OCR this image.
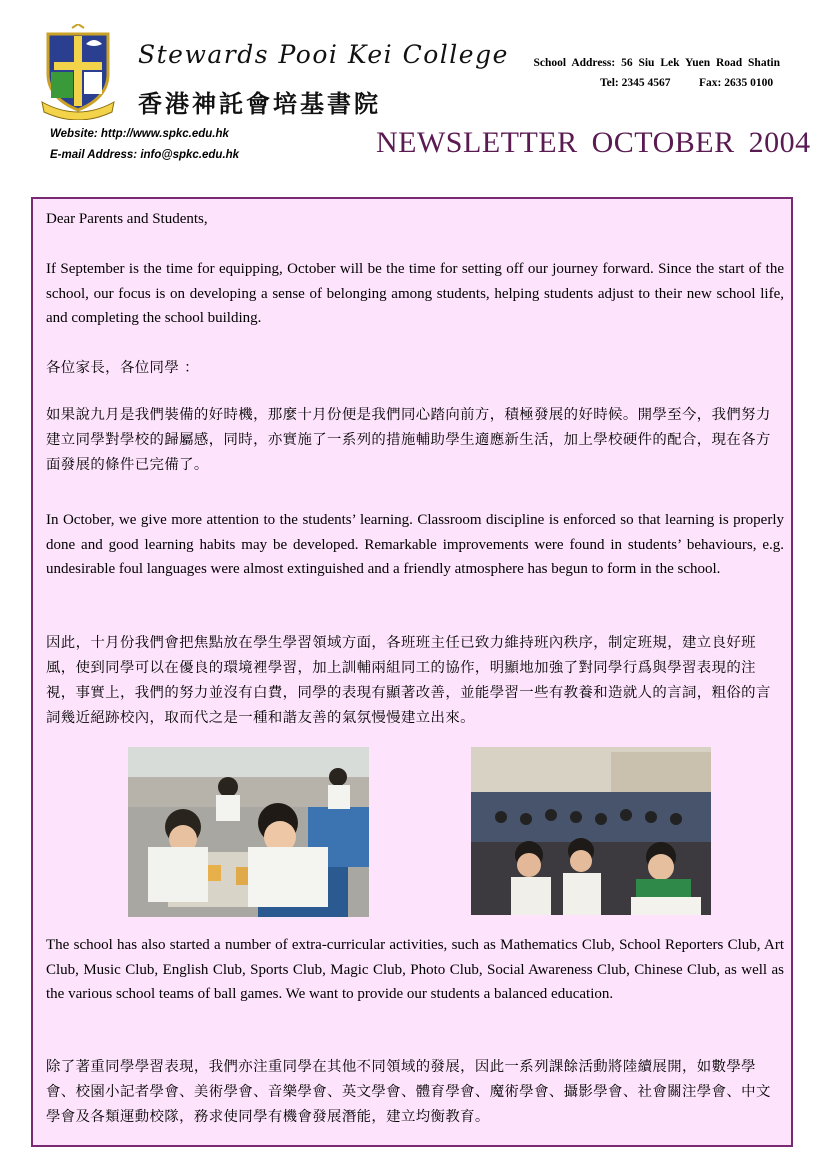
Stewards Pooi Kei College
香港神託會培基書院
Website: http://www.spkc.edu.hk
E-mail Address: info@spkc.edu.hk
School Address: 56 Siu Lek Yuen Road Shatin
Tel: 2345 4567 Fax: 2635 0100
NEWSLETTER OCTOBER 2004

Dear Parents and Students,

If September is the time for equipping, October will be the time for setting off our journey forward. Since the start of the school, our focus is on developing a sense of belonging among students, helping students adjust to their new school life, and completing the school building.

各位家長，各位同學 ：

如果說九月是我們裝備的好時機，那麼十月份便是我們同心踏向前方，積極發展的好時候。開學至今，我們努力建立同學對學校的歸屬感，同時，亦實施了一系列的措施輔助學生適應新生活，加上學校硬件的配合，現在各方面發展的條件已完備了。

In October, we give more attention to the students’ learning. Classroom discipline is enforced so that learning is properly done and good learning habits may be developed. Remarkable improvements were found in students’ behaviours, e.g. undesirable foul languages were almost extinguished and a friendly atmosphere has begun to form in the school.

因此，十月份我們會把焦點放在學生學習領域方面，各班班主任已致力維持班內秩序，制定班規，建立良好班風，使到同學可以在優良的環境裡學習，加上訓輔兩組同工的協作，明顯地加強了對同學行爲與學習表現的注視，事實上，我們的努力並沒有白費，同學的表現有顯著改善，並能學習一些有教養和造就人的言詞，粗俗的言詞幾近絕跡校內，取而代之是一種和諧友善的氣氛慢慢建立出來。

The school has also started a number of extra-curricular activities, such as Mathematics Club, School Reporters Club, Art Club, Music Club, English Club, Sports Club, Magic Club, Photo Club, Social Awareness Club, Chinese Club, as well as the various school teams of ball games. We want to provide our students a balanced education.

除了著重同學學習表現，我們亦注重同學在其他不同領域的發展，因此一系列課餘活動將陸續展開，如數學學會、校園小記者學會、美術學會、音樂學會、英文學會、體育學會、魔術學會、攝影學會、社會關注學會、中文學會及各類運動校隊，務求使同學有機會發展潛能，建立均衡教育。
